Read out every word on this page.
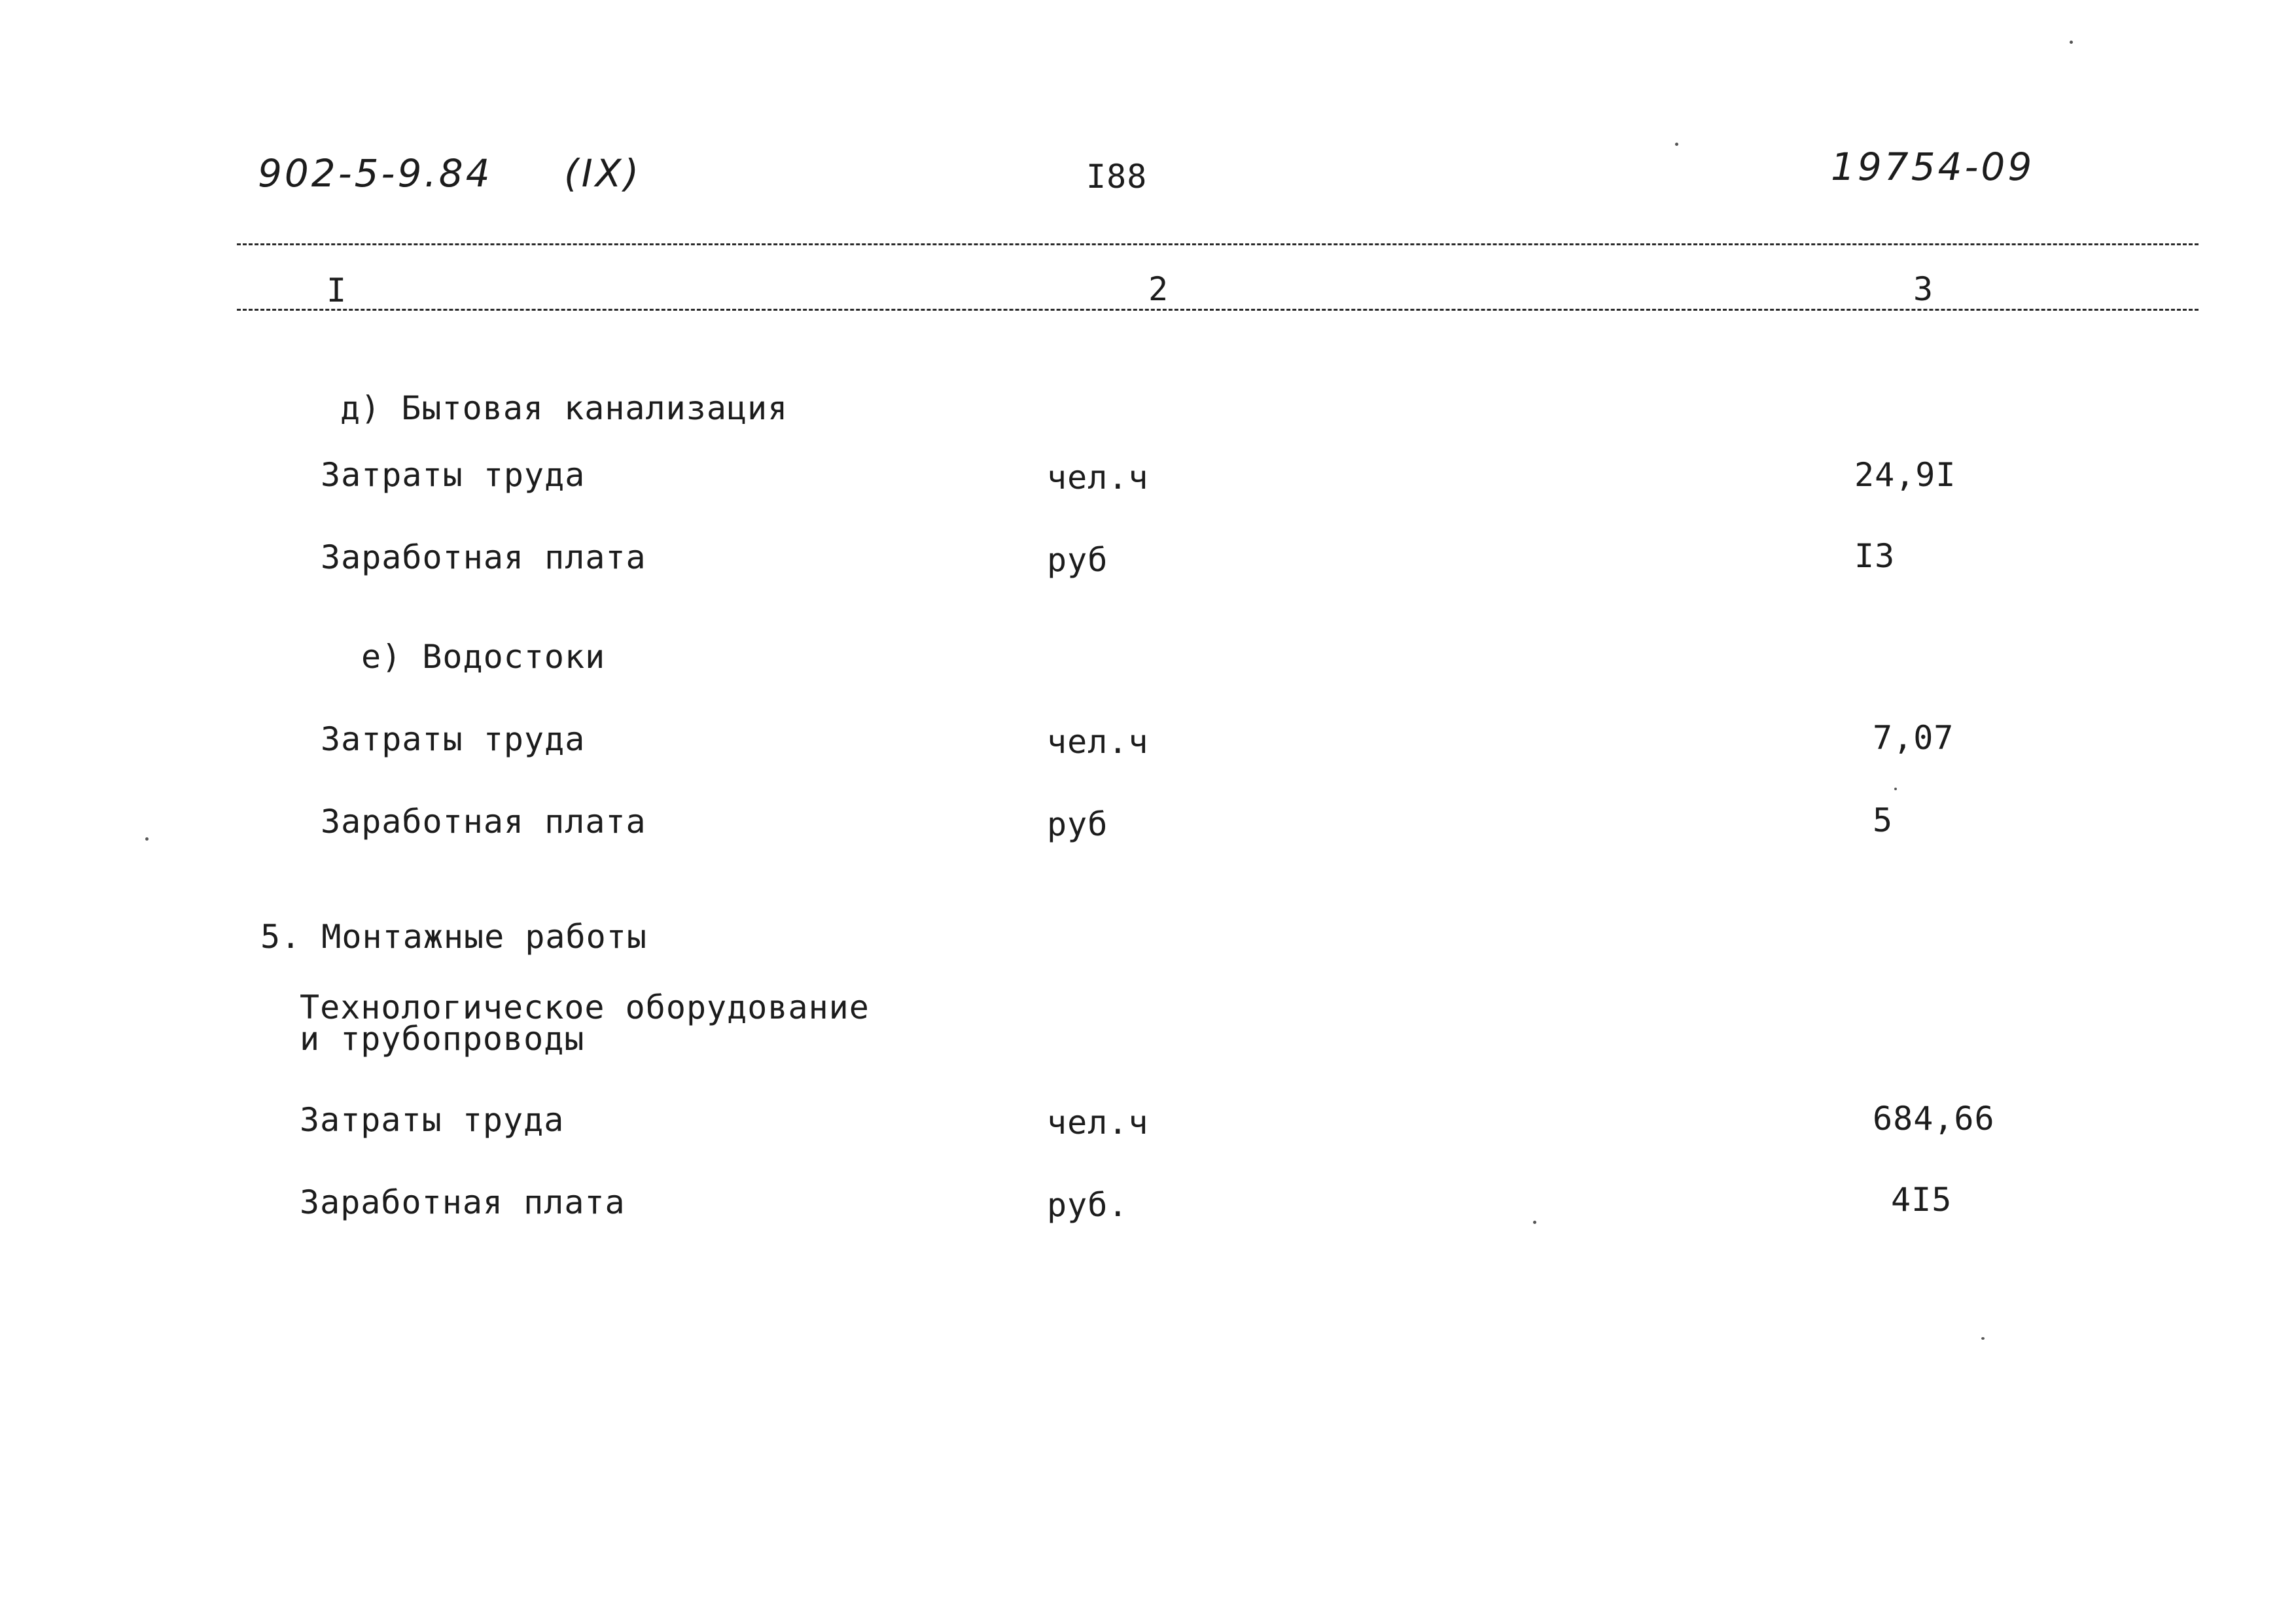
902-5-9.84 (IX)	I88	19754-09
I	2	3
д) Бытовая канализация
Затраты труда	чел.ч	24,9I
Заработная плата	руб	I3
е) Водостоки
Затраты труда	чел.ч	7,07
Заработная плата	руб	5
5. Монтажные работы
Технологическое оборудование
и трубопроводы
Затраты труда	чел.ч	684,66
Заработная плата	руб.	4I5
